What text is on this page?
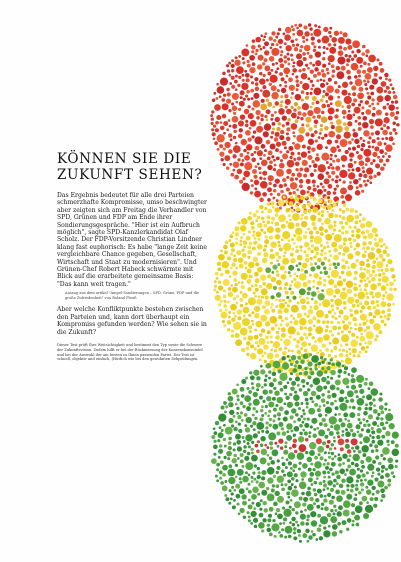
KÖNNEN SIE DIE
ZUKUNFT SEHEN?

Das Ergebnis bedeutet für alle drei Parteien schmerzhafte Kompromisse, umso beschwingter aber zeigten sich am Freitag die Verhandler von SPD, Grünen und FDP am Ende ihrer Sondierungsgespräche. "Hier ist ein Aufbruch möglich", sagte SPD-Kanzlerkandidat Olaf Scholz. Der FDP-Vorsitzende Christian Lindner klang fast euphorisch: Es habe "lange Zeit keine vergleichbare Chance gegeben, Gesellschaft, Wirtschaft und Staat zu modernisieren". Und Grünen-Chef Robert Habeck schwärmte mit Blick auf die erarbeitete gemeinsame Basis: "Das kann weit tragen."

Auszug aus dem artikel "Ampel-Sondierungen – SPD, Grüne, FDP und die große Zufriedenheit" von Roland Pleuß

Aber welche Konfliktpunkte bestehen zwischen den Parteien und, kann dort überhaupt ein Kompromiss gefunden werden? Wie sehen sie in die Zukunft?

Dieser Test prüft Ihre Weitsichtigkeit und bestimmt den Typ sowie die Schwere der Zukunftsvision. Zudem hilft er bei der Rückmessung der Konsenskonsumtel und bei der Auswahl der am besten zu Ihnen passenden Partei. Der Test ist schnell, objektiv und einfach, (Hurlich wie bei den gewohnten Sehprüfungen.
